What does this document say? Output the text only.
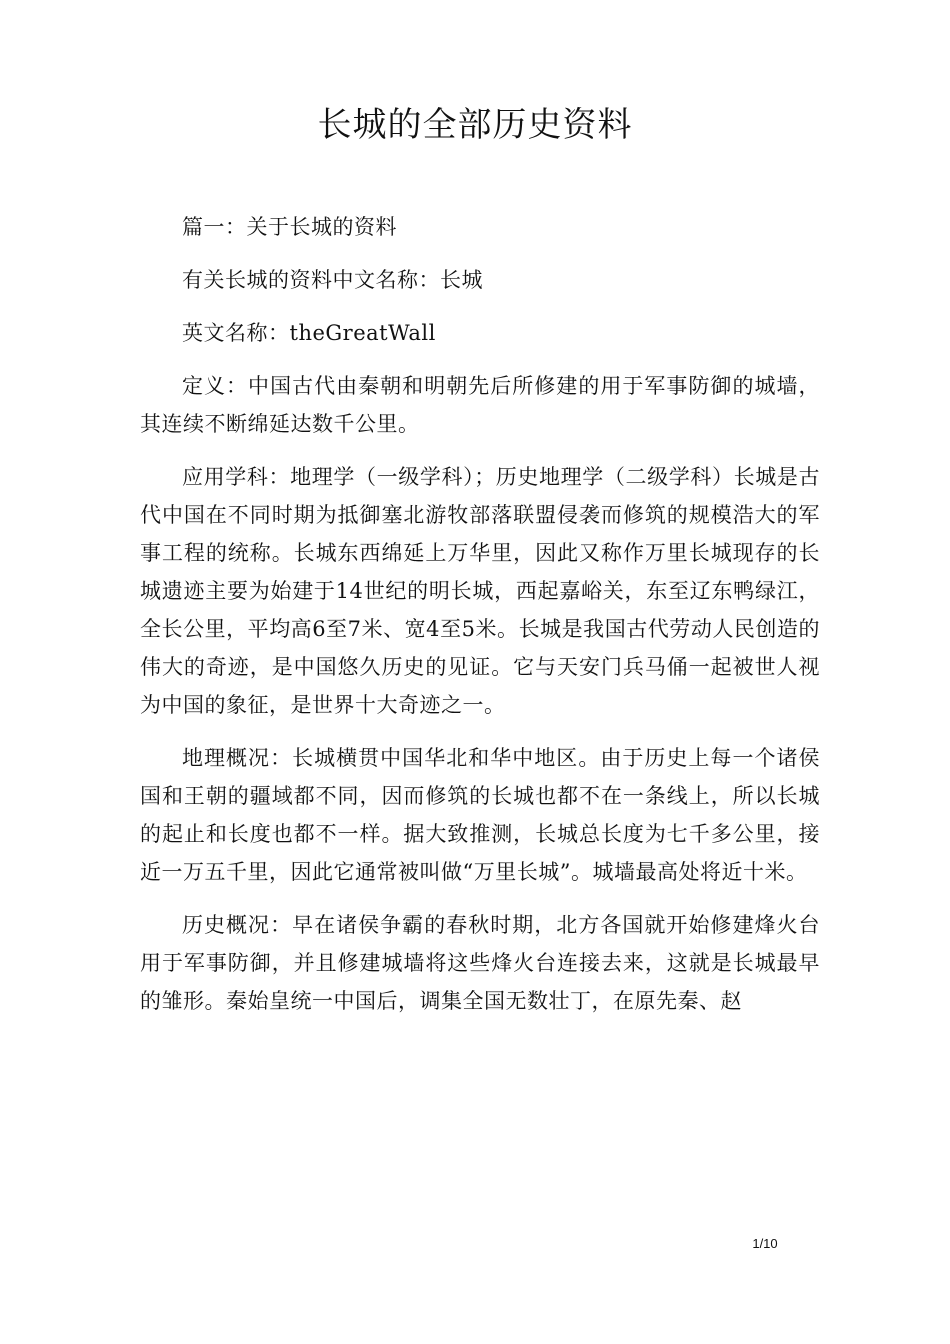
长城的全部历史资料

篇一：关于长城的资料

有关长城的资料中文名称：长城

英文名称：theGreatWall

定义：中国古代由秦朝和明朝先后所修建的用于军事防御的城墙，其连续不断绵延达数千公里。

应用学科：地理学（一级学科）；历史地理学（二级学科）长城是古代中国在不同时期为抵御塞北游牧部落联盟侵袭而修筑的规模浩大的军事工程的统称。长城东西绵延上万华里，因此又称作万里长城现存的长城遗迹主要为始建于14世纪的明长城，西起嘉峪关，东至辽东鸭绿江，全长公里，平均高6至7米、宽4至5米。长城是我国古代劳动人民创造的伟大的奇迹，是中国悠久历史的见证。它与天安门兵马俑一起被世人视为中国的象征，是世界十大奇迹之一。

地理概况：长城横贯中国华北和华中地区。由于历史上每一个诸侯国和王朝的疆域都不同，因而修筑的长城也都不在一条线上，所以长城的起止和长度也都不一样。据大致推测，长城总长度为七千多公里，接近一万五千里，因此它通常被叫做“万里长城”。城墙最高处将近十米。

历史概况：早在诸侯争霸的春秋时期，北方各国就开始修建烽火台用于军事防御，并且修建城墙将这些烽火台连接去来，这就是长城最早的雏形。秦始皇统一中国后，调集全国无数壮丁，在原先秦、赵

1/10
